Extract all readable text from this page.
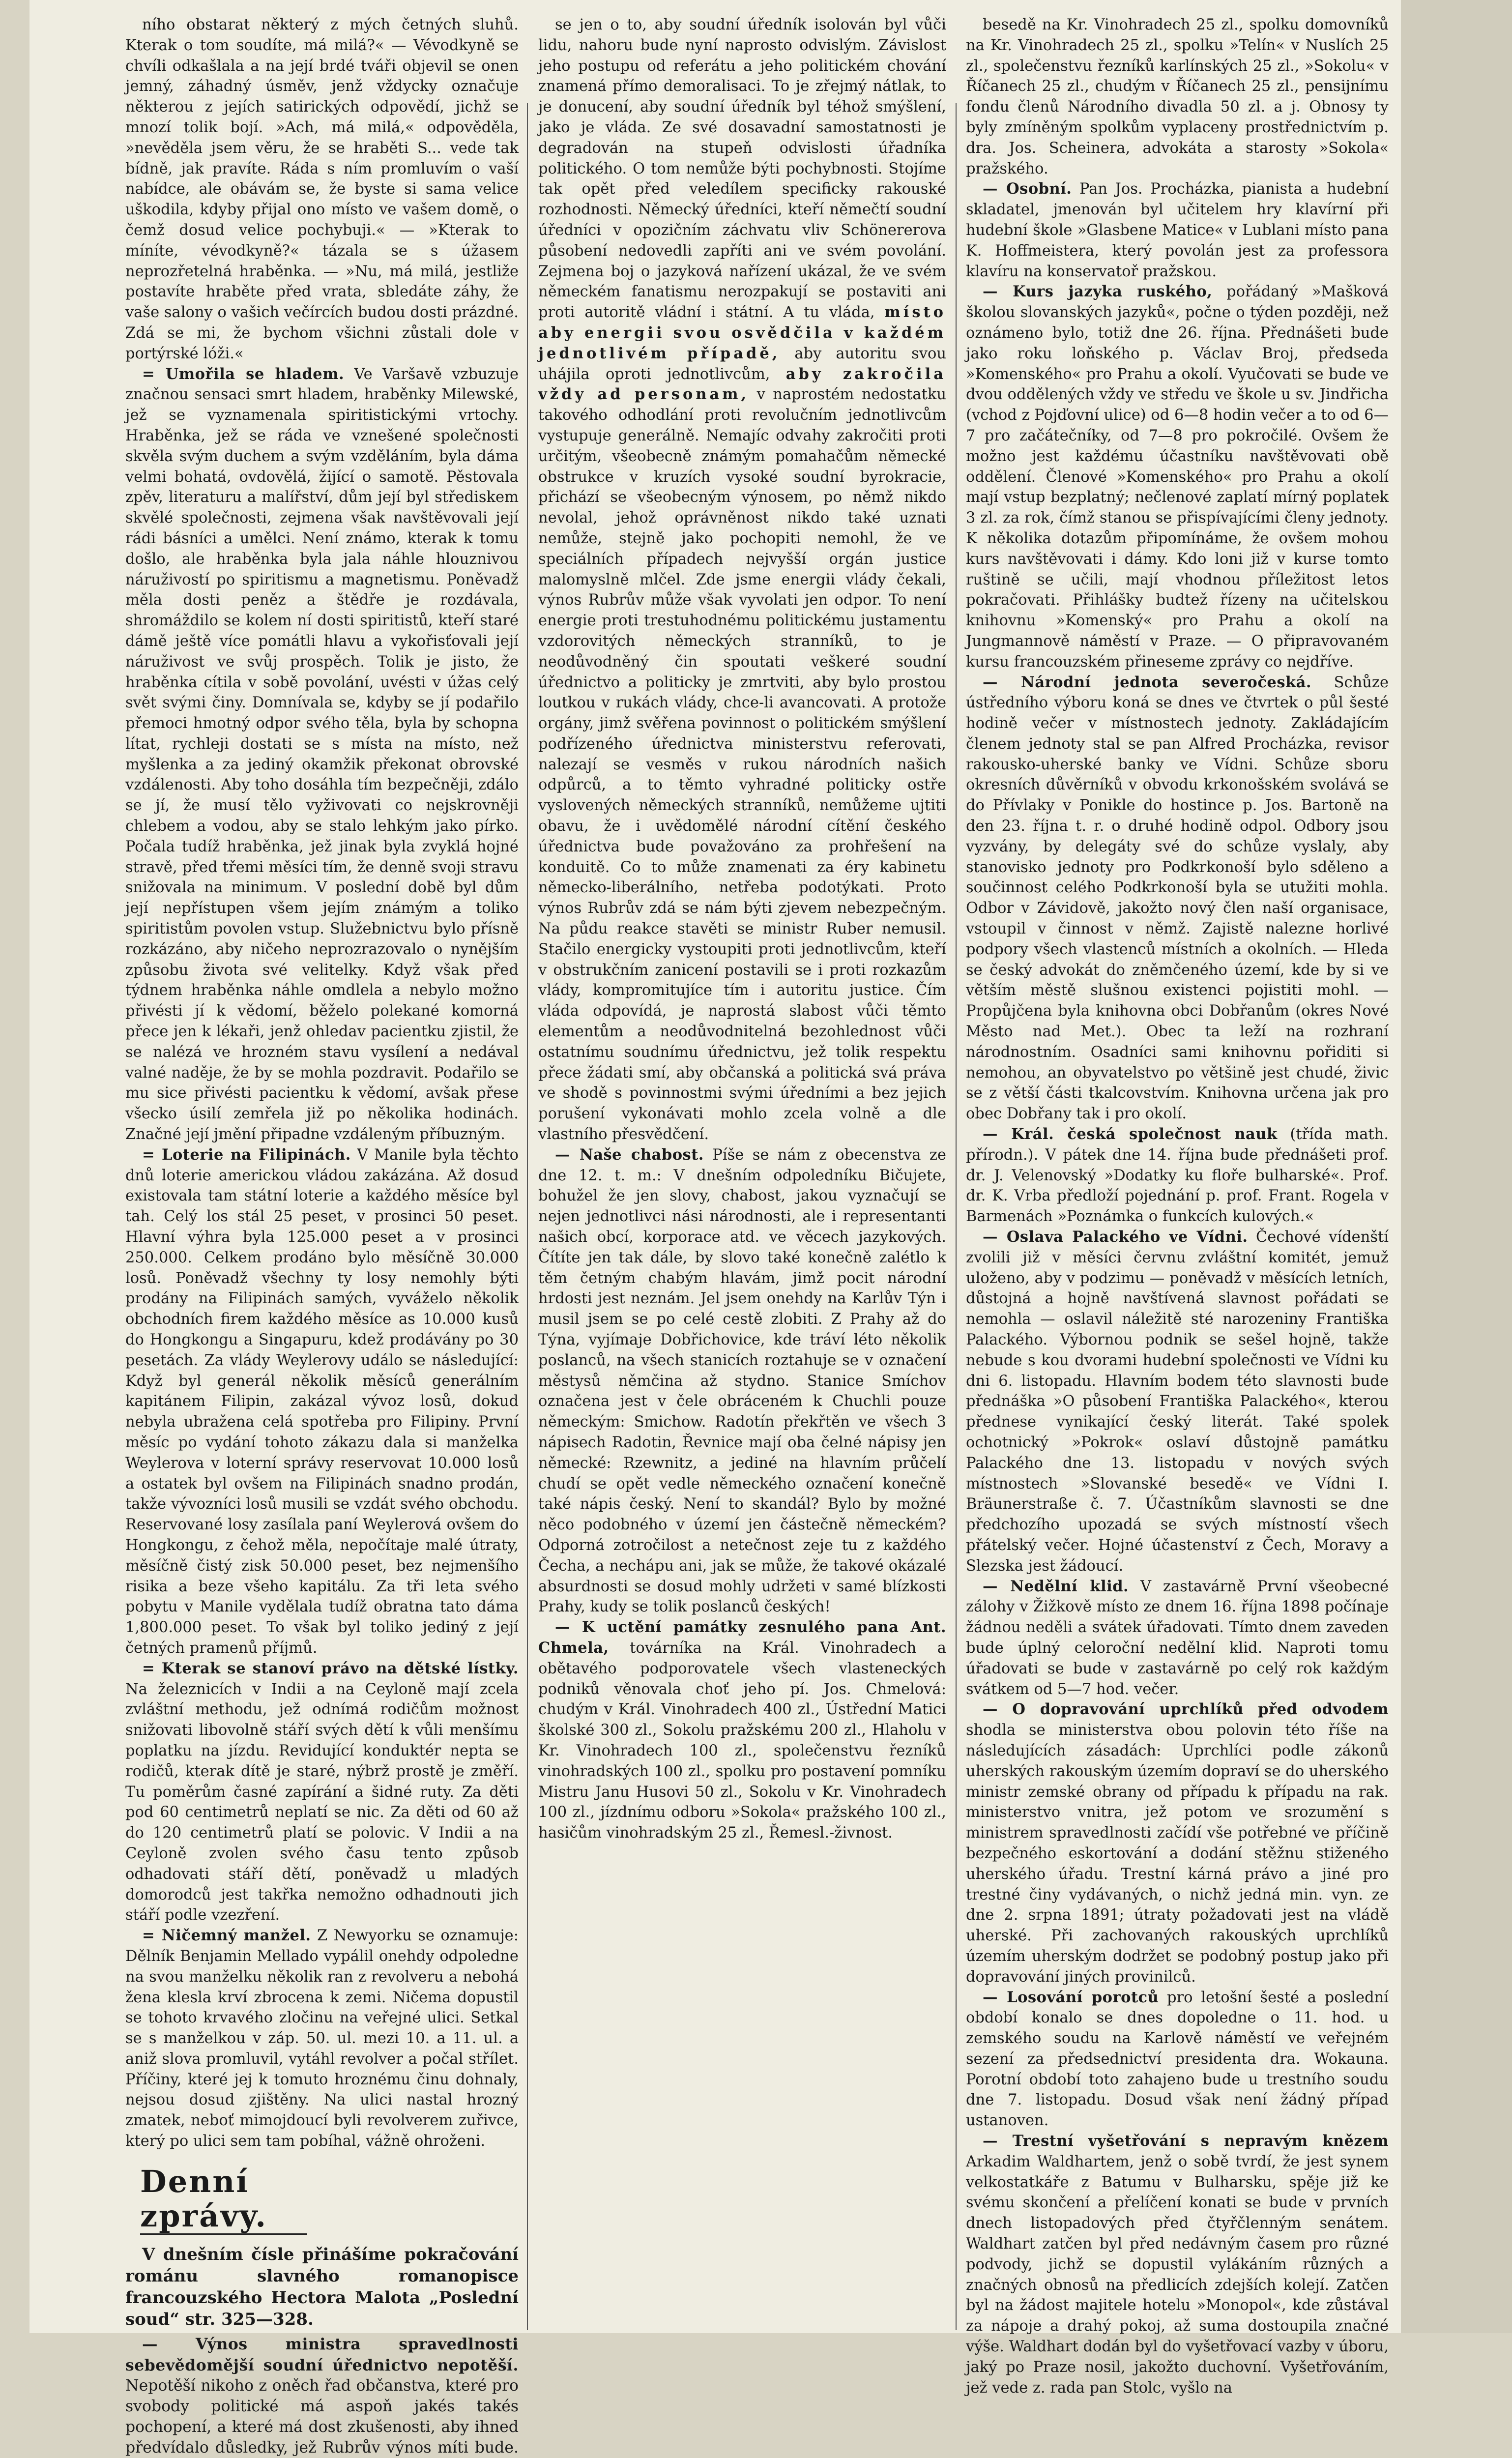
ního obstarat některý z mých četných sluhů. Kterak o tom soudíte, má milá?« — Vévodkyně se chvíli odkašlala a na její brdé tváři objevil se onen jemný, záhadný úsměv, jenž vždycky označuje některou z jejích satirických odpovědí, jichž se mnozí tolik bojí. »Ach, má milá,« odpověděla, »nevěděla jsem věru, že se hraběti S... vede tak bídně, jak pravíte. Ráda s ním promluvím o vaší nabídce, ale obávám se, že byste si sama velice uškodila, kdyby přijal ono místo ve vašem domě, o čemž dosud velice pochybuji.« — »Kterak to míníte, vévodkyně?« tázala se s úžasem neprozřetelná hraběnka. — »Nu, má milá, jestliže postavíte hraběte před vrata, sbledáte záhy, že vaše salony o vašich večírcích budou dosti prázdné. Zdá se mi, že bychom všichni zůstali dole v portýrské lóži.«

= Umořila se hladem. Ve Varšavě vzbuzuje značnou sensaci smrt hladem, hraběnky Milewské, jež se vyznamenala spiritistickými vrtochy. Hraběnka, jež se ráda ve vznešené společnosti skvěla svým duchem a svým vzděláním, byla dáma velmi bohatá, ovdovělá, žijící o samotě. Pěstovala zpěv, literaturu a malířství, dům její byl střediskem skvělé společnosti, zejmena však navštěvovali její rádi básníci a umělci. Není známo, kterak k tomu došlo, ale hraběnka byla jala náhle hlouznivou náruživostí po spiritismu a magnetismu. Poněvadž měla dosti peněz a štědře je rozdávala, shromáždilo se kolem ní dosti spiritistů, kteří staré dámě ještě více pomátli hlavu a vykořisťovali její náruživost ve svůj prospěch. Tolik je jisto, že hraběnka cítila v sobě povolání, uvésti v úžas celý svět svými činy. Domnívala se, kdyby se jí podařilo přemoci hmotný odpor svého těla, byla by schopna lítat, rychleji dostati se s místa na místo, než myšlenka a za jediný okamžik překonat obrovské vzdálenosti. Aby toho dosáhla tím bezpečněji, zdálo se jí, že musí tělo vyživovati co nejskrovněji chlebem a vodou, aby se stalo lehkým jako pírko. Počala tudíž hraběnka, jež jinak byla zvyklá hojné stravě, před třemi měsíci tím, že denně svoji stravu snižovala na minimum. V poslední době byl dům její nepřístupen všem jejím známým a toliko spiritistům povolen vstup. Služebnictvu bylo přísně rozkázáno, aby ničeho neprozrazovalo o nynějším způsobu života své velitelky. Když však před týdnem hraběnka náhle omdlela a nebylo možno přivésti jí k vědomí, běželo polekané komorná přece jen k lékaři, jenž ohledav pacientku zjistil, že se nalézá ve hrozném stavu vysílení a nedával valné naděje, že by se mohla pozdravit. Podařilo se mu sice přivésti pacientku k vědomí, avšak přese všecko úsilí zemřela již po několika hodinách. Značné její jmění připadne vzdáleným příbuzným.

= Loterie na Filipinách. V Manile byla těchto dnů loterie americkou vládou zakázána. Až dosud existovala tam státní loterie a každého měsíce byl tah. Celý los stál 25 peset, v prosinci 50 peset. Hlavní výhra byla 125.000 peset a v prosinci 250.000. Celkem prodáno bylo měsíčně 30.000 losů. Poněvadž všechny ty losy nemohly býti prodány na Filipinách samých, vyváželo několik obchodních firem každého měsíce as 10.000 kusů do Hongkongu a Singapuru, kdež prodávány po 30 pesetách. Za vlády Weylerovy událo se následující: Když byl generál několik měsíců generálním kapitánem Filipin, zakázal vývoz losů, dokud nebyla ubražena celá spotřeba pro Filipiny. První měsíc po vydání tohoto zákazu dala si manželka Weylerova v loterní správy reservovat 10.000 losů a ostatek byl ovšem na Filipinách snadno prodán, takže vývozníci losů musili se vzdát svého obchodu. Reservované losy zasílala paní Weylerová ovšem do Hongkongu, z čehož měla, nepočítaje malé útraty, měsíčně čistý zisk 50.000 peset, bez nejmenšího risika a beze všeho kapitálu. Za tři leta svého pobytu v Manile vydělala tudíž obratna tato dáma 1,800.000 peset. To však byl toliko jediný z její četných pramenů příjmů.

= Kterak se stanoví právo na dětské lístky. Na železnicích v Indii a na Ceyloně mají zcela zvláštní methodu, jež odnímá rodičům možnost snižovati libovolně stáří svých dětí k vůli menšímu poplatku na jízdu. Revidující konduktér nepta se rodičů, kterak dítě je staré, nýbrž prostě je změří. Tu poměrům časné zapírání a šidné ruty. Za děti pod 60 centimetrů neplatí se nic. Za děti od 60 až do 120 centimetrů platí se polovic. V Indii a na Ceyloně zvolen svého času tento způsob odhadovati stáří dětí, poněvadž u mladých domorodců jest takřka nemožno odhadnouti jich stáří podle vzezření.

= Ničemný manžel. Z Newyorku se oznamuje: Dělník Benjamin Mellado vypálil onehdy odpoledne na svou manželku několik ran z revolveru a nebohá žena klesla krví zbrocena k zemi. Ničema dopustil se tohoto krvavého zločinu na veřejné ulici. Setkal se s manželkou v záp. 50. ul. mezi 10. a 11. ul. a aniž slova promluvil, vytáhl revolver a počal střílet. Příčiny, které jej k tomuto hroznému činu dohnaly, nejsou dosud zjištěny. Na ulici nastal hrozný zmatek, neboť mimojdoucí byli revolverem zuřivce, který po ulici sem tam pobíhal, vážně ohroženi.

Denní zprávy.

V dnešním čísle přinášíme pokračování románu slavného romanopisce francouzského Hectora Malota „Poslední soud“ str. 325—328.

— Výnos ministra spravedlnosti sebevědomější soudní úřednictvo nepotěší. Nepotěší nikoho z oněch řad občanstva, které pro svobody politické má aspoň jakés takés pochopení, a které má dost zkušenosti, aby ihned předvídalo důsledky, jež Rubrův výnos míti bude.

se jen o to, aby soudní úředník isolován byl vůči lidu, nahoru bude nyní naprosto odvislým. Závislost jeho postupu od referátu a jeho politickém chování znamená přímo demoralisaci. To je zřejmý nátlak, to je donucení, aby soudní úředník byl téhož smýšlení, jako je vláda. Ze své dosavadní samostatnosti je degradován na stupeň odvislosti úřadníka politického. O tom nemůže býti pochybnosti. Stojíme tak opět před veledílem specificky rakouské rozhodnosti. Německý úředníci, kteří němečtí soudní úředníci v opozičním záchvatu vliv Schönererova působení nedovedli zapříti ani ve svém povolání. Zejmena boj o jazyková nařízení ukázal, že ve svém německém fanatismu nerozpakují se postaviti ani proti autoritě vládní i státní. A tu vláda, místo aby energii svou osvědčila v každém jednotlivém případě, aby autoritu svou uhájila oproti jednotlivcům, aby zakročila vždy ad personam, v naprostém nedostatku takového odhodlání proti revolučním jednotlivcům vystupuje generálně. Nemajíc odvahy zakročiti proti určitým, všeobecně známým pomahačům německé obstrukce v kruzích vysoké soudní byrokracie, přichází se všeobecným výnosem, po němž nikdo nevolal, jehož oprávněnost nikdo také uznati nemůže, stejně jako pochopiti nemohl, že ve speciálních případech nejvyšší orgán justice malomyslně mlčel. Zde jsme energii vlády čekali, výnos Rubrův může však vyvolati jen odpor. To není energie proti trestuhodnému politickému justamentu vzdorovitých německých stranníků, to je neodůvodněný čin spoutati veškeré soudní úřednictvo a politicky je zmrtviti, aby bylo prostou loutkou v rukách vlády, chce-li avancovati. A protože orgány, jimž svěřena povinnost o politickém smýšlení podřízeného úřednictva ministerstvu referovati, nalezají se vesměs v rukou národních našich odpůrců, a to těmto vyhradné politicky ostře vyslovených německých stranníků, nemůžeme ujtiti obavu, že i uvědomělé národní cítění českého úřednictva bude považováno za prohřešení na konduitě. Co to může znamenati za éry kabinetu německo-liberálního, netřeba podotýkati. Proto výnos Rubrův zdá se nám býti zjevem nebezpečným. Na půdu reakce stavěti se ministr Ruber nemusil. Stačilo energicky vystoupiti proti jednotlivcům, kteří v obstrukčním zanicení postavili se i proti rozkazům vlády, kompromitujíce tím i autoritu justice. Čím vláda odpovídá, je naprostá slabost vůči těmto elementům a neodůvodnitelná bezohlednost vůči ostatnímu soudnímu úřednictvu, jež tolik respektu přece žádati smí, aby občanská a politická svá práva ve shodě s povinnostmi svými úředními a bez jejich porušení vykonávati mohlo zcela volně a dle vlastního přesvědčení.

— Naše chabost. Píše se nám z obecenstva ze dne 12. t. m.: V dnešním odpoledníku Bičujete, bohužel že jen slovy, chabost, jakou vyznačují se nejen jednotlivci nási národnosti, ale i representanti našich obcí, korporace atd. ve věcech jazykových. Čítíte jen tak dále, by slovo také konečně zalétlo k těm četným chabým hlavám, jimž pocit národní hrdosti jest neznám. Jel jsem onehdy na Karlův Týn i musil jsem se po celé cestě zlobiti. Z Prahy až do Týna, vyjímaje Dobřichovice, kde tráví léto několik poslanců, na všech stanicích roztahuje se v označení městysů němčina až stydno. Stanice Smíchov označena jest v čele obráceném k Chuchli pouze německým: Smichow. Radotín překřtěn ve všech 3 nápisech Radotin, Řevnice mají oba čelné nápisy jen německé: Rzewnitz, a jediné na hlavním průčelí chudí se opět vedle německého označení konečně také nápis český. Není to skandál? Bylo by možné něco podobného v území jen částečně německém? Odporná zotročilost a netečnost zeje tu z každého Čecha, a nechápu ani, jak se může, že takové okázalé absurdnosti se dosud mohly udržeti v samé blízkosti Prahy, kudy se tolik poslanců českých!

— K uctění památky zesnulého pana Ant. Chmela, továrníka na Král. Vinohradech a obětavého podporovatele všech vlasteneckých podniků věnovala choť jeho pí. Jos. Chmelová: chudým v Král. Vinohradech 400 zl., Ústřední Matici školské 300 zl., Sokolu pražskému 200 zl., Hlaholu v Kr. Vinohradech 100 zl., společenstvu řezníků vinohradských 100 zl., spolku pro postavení pomníku Mistru Janu Husovi 50 zl., Sokolu v Kr. Vinohradech 100 zl., jízdnímu odboru »Sokola« pražského 100 zl., hasičům vinohradským 25 zl., Řemesl.-živnost.

besedě na Kr. Vinohradech 25 zl., spolku domovníků na Kr. Vinohradech 25 zl., spolku »Telín« v Nuslích 25 zl., společenstvu řezníků karlínských 25 zl., »Sokolu« v Říčanech 25 zl., chudým v Říčanech 25 zl., pensijnímu fondu členů Národního divadla 50 zl. a j. Obnosy ty byly zmíněným spolkům vyplaceny prostřednictvím p. dra. Jos. Scheinera, advokáta a starosty »Sokola« pražského.

— Osobní. Pan Jos. Procházka, pianista a hudební skladatel, jmenován byl učitelem hry klavírní při hudební škole »Glasbene Matice« v Lublani místo pana K. Hoffmeistera, který povolán jest za professora klavíru na konservatoř pražskou.

— Kurs jazyka ruského, pořádaný »Mašková školou slovanských jazyků«, počne o týden později, než oznámeno bylo, totiž dne 26. října. Přednášeti bude jako roku loňského p. Václav Broj, předseda »Komenského« pro Prahu a okolí. Vyučovati se bude ve dvou oddělených vždy ve středu ve škole u sv. Jindřicha (vchod z Pojďovní ulice) od 6—8 hodin večer a to od 6—7 pro začátečníky, od 7—8 pro pokročilé. Ovšem že možno jest každému účastníku navštěvovati obě oddělení. Členové »Komenského« pro Prahu a okolí mají vstup bezplatný; nečlenové zaplatí mírný poplatek 3 zl. za rok, čímž stanou se přispívajícími členy jednoty. K několika dotazům připomínáme, že ovšem mohou kurs navštěvovati i dámy. Kdo loni již v kurse tomto ruštině se učili, mají vhodnou příležitost letos pokračovati. Přihlášky budtež řízeny na učitelskou knihovnu »Komenský« pro Prahu a okolí na Jungmannově náměstí v Praze. — O připravovaném kursu francouzském přineseme zprávy co nejdříve.

— Národní jednota severočeská. Schůze ústředního výboru koná se dnes ve čtvrtek o půl šesté hodině večer v místnostech jednoty. Zakládajícím členem jednoty stal se pan Alfred Procházka, revisor rakousko-uherské banky ve Vídni. Schůze sboru okresních důvěrníků v obvodu krkonošském svolává se do Přívlaky v Ponikle do hostince p. Jos. Bartoně na den 23. října t. r. o druhé hodině odpol. Odbory jsou vyzvány, by delegáty své do schůze vyslaly, aby stanovisko jednoty pro Podkrkonoší bylo sděleno a součinnost celého Podkrkonoší byla se utužiti mohla. Odbor v Závidově, jakožto nový člen naší organisace, vstoupil v činnost v němž. Zajistě nalezne horlivé podpory všech vlastenců místních a okolních. — Hleda se český advokát do zněmčeného území, kde by si ve větším městě slušnou existenci pojistiti mohl. — Propůjčena byla knihovna obci Dobřanům (okres Nové Město nad Met.). Obec ta leží na rozhraní národnostním. Osadníci sami knihovnu pořiditi si nemohou, an obyvatelstvo po většině jest chudé, živic se z větší části tkalcovstvím. Knihovna určena jak pro obec Dobřany tak i pro okolí.

— Král. česká společnost nauk (třída math. přírodn.). V pátek dne 14. října bude přednášeti prof. dr. J. Velenovský »Dodatky ku floře bulharské«. Prof. dr. K. Vrba předloží pojednání p. prof. Frant. Rogela v Barmenách »Poznámka o funkcích kulových.«

— Oslava Palackého ve Vídni. Čechové vídenští zvolili již v měsíci červnu zvláštní komitét, jemuž uloženo, aby v podzimu — poněvadž v měsících letních, důstojná a hojně navštívená slavnost pořádati se nemohla — oslavil náležitě sté narozeniny Františka Palackého. Výbornou podnik se sešel hojně, takže nebude s kou dvorami hudební společnosti ve Vídni ku dni 6. listopadu. Hlavním bodem této slavnosti bude přednáška »O působení Františka Palackého«, kterou přednese vynikající český literát. Také spolek ochotnický »Pokrok« oslaví důstojně památku Palackého dne 13. listopadu v nových svých místnostech »Slovanské besedě« ve Vídni I. Bräunerstraße č. 7. Účastníkům slavnosti se dne předchozího upozadá se svých místností všech přátelský večer. Hojné účastenství z Čech, Moravy a Slezska jest žádoucí.

— Nedělní klid. V zastavárně První všeobecné zálohy v Žižkově místo ze dnem 16. října 1898 počínaje žádnou neděli a svátek úřadovati. Tímto dnem zaveden bude úplný celoroční nedělní klid. Naproti tomu úřadovati se bude v zastavárně po celý rok každým svátkem od 5—7 hod. večer.

— O dopravování uprchlíků před odvodem shodla se ministerstva obou polovin této říše na následujících zásadách: Uprchlíci podle zákonů uherských rakouským územím dopraví se do uherského ministr zemské obrany od případu k případu na rak. ministerstvo vnitra, jež potom ve srozumění s ministrem spravedlnosti začídí vše potřebné ve příčině bezpečného eskortování a dodání stěžnu stiženého uherského úřadu. Trestní kárná právo a jiné pro trestné činy vydávaných, o nichž jedná min. vyn. ze dne 2. srpna 1891; útraty požadovati jest na vládě uherské. Při zachovaných rakouských uprchlíků územím uherským dodržet se podobný postup jako při dopravování jiných provinilců.

— Losování porotců pro letošní šesté a poslední období konalo se dnes dopoledne o 11. hod. u zemského soudu na Karlově náměstí ve veřejném sezení za předsednictví presidenta dra. Wokauna. Porotní období toto zahajeno bude u trestního soudu dne 7. listopadu. Dosud však není žádný případ ustanoven.

— Trestní vyšetřování s nepravým knězem Arkadim Waldhartem, jenž o sobě tvrdí, že jest synem velkostatkáře z Batumu v Bulharsku, spěje již ke svému skončení a přelíčení konati se bude v prvních dnech listopadových před čtyřčlenným senátem. Waldhart zatčen byl před nedávným časem pro různé podvody, jichž se dopustil vylákáním různých a značných obnosů na předlicích zdejších kolejí. Zatčen byl na žádost majitele hotelu »Monopol«, kde zůstával za nápoje a drahý pokoj, až suma dostoupila značné výše. Waldhart dodán byl do vyšetřovací vazby v úboru, jaký po Praze nosil, jakožto duchovní. Vyšetřováním, jež vede z. rada pan Stolc, vyšlo na
